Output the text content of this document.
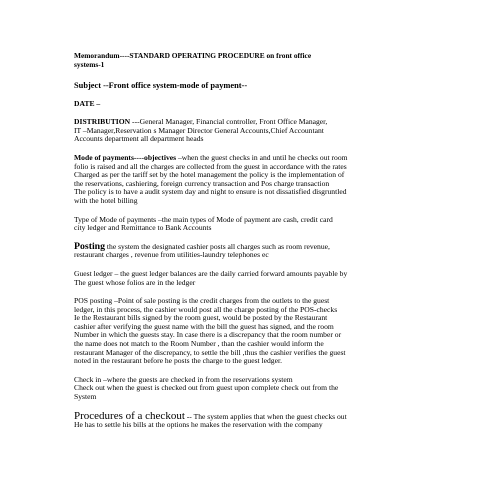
Memorandum----STANDARD OPERATING PROCEDURE on front office
systems-1
Subject --Front office system-mode of payment--
DATE –
DISTRIBUTION ---General Manager, Financial controller, Front Office Manager,
IT –Manager,Reservation s Manager Director General Accounts,Chief Accountant
Accounts department all department heads
Mode of payments----objectives –when the guest checks in and until he checks out room
folio is raised and all the charges are collected from the guest in accordance with the rates
Charged as per the tariff set by the hotel management the policy is the implementation of
the reservations, cashiering, foreign currency transaction and Pos charge transaction
The policy is to have a audit system day and night to ensure is not dissatisfied disgruntled
with the hotel billing
Type of Mode of payments –the main types of Mode of payment are cash, credit card
city ledger and Remittance to Bank Accounts
Posting the system the designated cashier posts all charges such as room revenue,
restaurant charges , revenue from utilities-laundry telephones ec
Guest ledger – the guest ledger balances are the daily carried forward amounts payable by
The guest whose folios are in the ledger
POS posting –Point of sale posting is the credit charges from the outlets to the guest
ledger, in this process, the cashier would post all the charge posting of the POS-checks
Ie the Restaurant bills signed by the room guest, would be posted by the Restaurant
cashier after verifying the guest name with the bill the guest has signed, and the room
Number in which the guests stay. In case there is a discrepancy that the room number or
the name does not match to the Room Number , than the cashier would inform the
restaurant Manager of the discrepancy, to settle the bill ,thus the cashier verifies the guest
noted in the restaurant before he posts the charge to the guest ledger.
Check in –where the guests are checked in from the reservations system
Check out when the guest is checked out from guest upon complete check out from the
System
Procedures of a checkout -- The system applies that when the guest checks out
He has to settle his bills at the options he makes the reservation with the company
